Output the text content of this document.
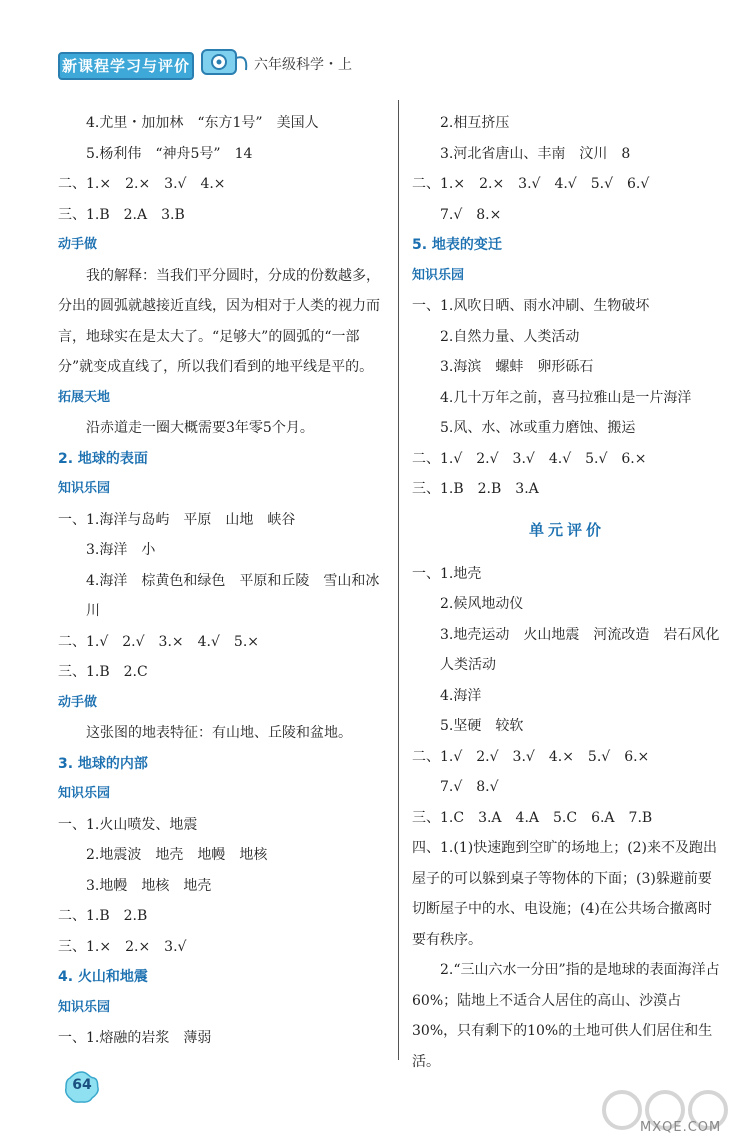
新课程学习与评价	六年级科学・上
4.尤里・加加林　“东方1号”　美国人
5.杨利伟　“神舟5号”　14
二、1.×　2.×　3.√　4.×
三、1.B　2.A　3.B
动手做
我的解释：当我们平分圆时，分成的份数越多，分出的圆弧就越接近直线，因为相对于人类的视力而言，地球实在是太大了。“足够大”的圆弧的“一部分”就变成直线了，所以我们看到的地平线是平的。
拓展天地
沿赤道走一圈大概需要3年零5个月。
2. 地球的表面
知识乐园
一、1.海洋与岛屿　平原　山地　峡谷
3.海洋　小
4.海洋　棕黄色和绿色　平原和丘陵　雪山和冰川
二、1.√　2.√　3.×　4.√　5.×
三、1.B　2.C
动手做
这张图的地表特征：有山地、丘陵和盆地。
3. 地球的内部
知识乐园
一、1.火山喷发、地震
2.地震波　地壳　地幔　地核
3.地幔　地核　地壳
二、1.B　2.B
三、1.×　2.×　3.√
4. 火山和地震
知识乐园
一、1.熔融的岩浆　薄弱
2.相互挤压
3.河北省唐山、丰南　汶川　8
二、1.×　2.×　3.√　4.√　5.√　6.√
7.√　8.×
5. 地表的变迁
知识乐园
一、1.风吹日晒、雨水冲刷、生物破坏
2.自然力量、人类活动
3.海滨　螺蚌　卵形砾石
4.几十万年之前，喜马拉雅山是一片海洋
5.风、水、冰或重力磨蚀、搬运
二、1.√　2.√　3.√　4.√　5.√　6.×
三、1.B　2.B　3.A
单元评价
一、1.地壳
2.候风地动仪
3.地壳运动　火山地震　河流改造　岩石风化人类活动
4.海洋
5.坚硬　较软
二、1.√　2.√　3.√　4.×　5.√　6.×
7.√　8.√
三、1.C　3.A　4.A　5.C　6.A　7.B
四、1.(1)快速跑到空旷的场地上；(2)来不及跑出屋子的可以躲到桌子等物体的下面；(3)躲避前要切断屋子中的水、电设施；(4)在公共场合撤离时要有秩序。
2.“三山六水一分田”指的是地球的表面海洋占60%；陆地上不适合人居住的高山、沙漠占30%，只有剩下的10%的土地可供人们居住和生活。
64
MXQE.COM
